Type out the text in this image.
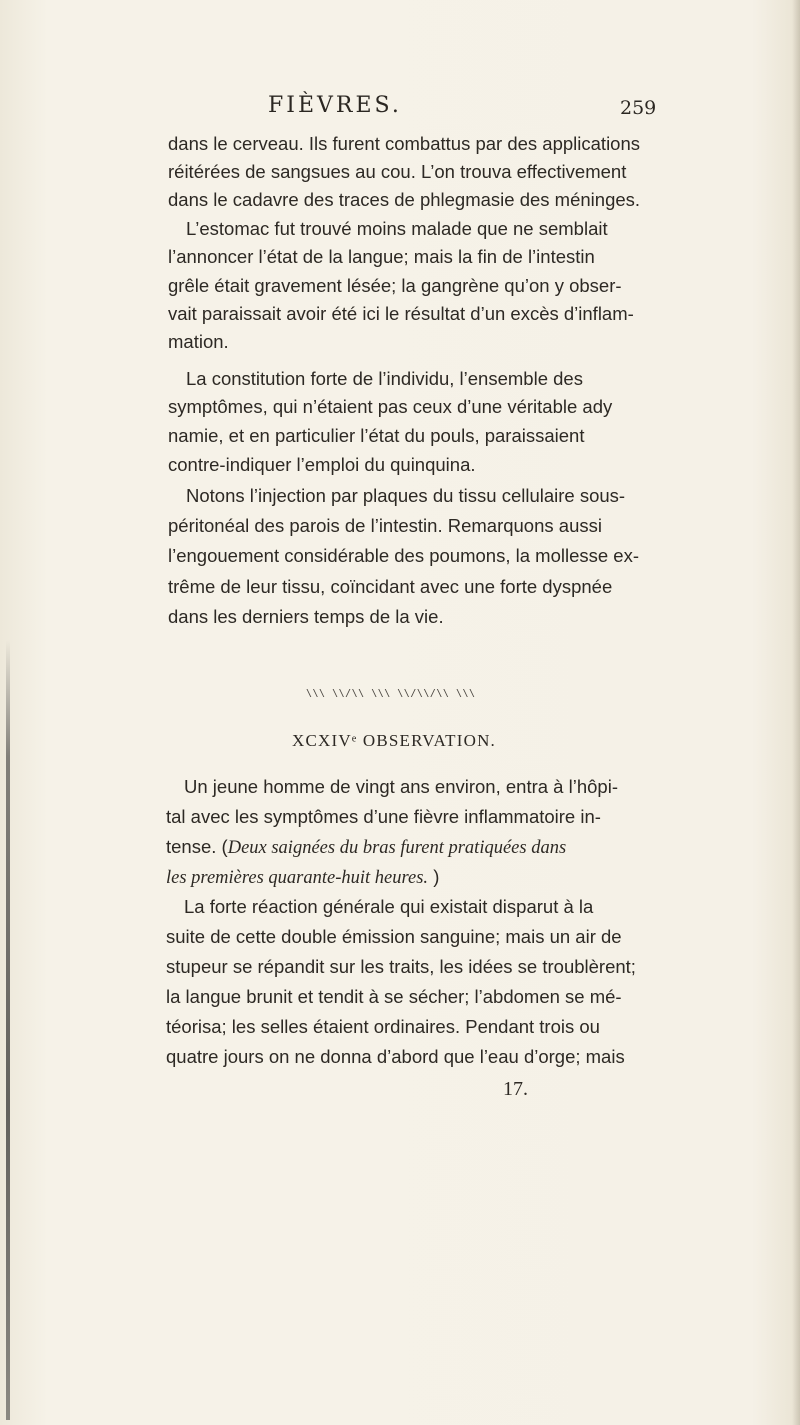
FIÈVRES.	259
dans le cerveau. Ils furent combattus par des applications
réitérées de sangsues au cou. L’on trouva effectivement
dans le cadavre des traces de phlegmasie des méninges.
L’estomac fut trouvé moins malade que ne semblait
l’annoncer l’état de la langue; mais la fin de l’intestin
grêle était gravement lésée; la gangrène qu’on y obser-
vait paraissait avoir été ici le résultat d’un excès d’inflam-
mation.
La constitution forte de l’individu, l’ensemble des
symptômes, qui n’étaient pas ceux d’une véritable ady
namie, et en particulier l’état du pouls, paraissaient
contre-indiquer l’emploi du quinquina.
Notons l’injection par plaques du tissu cellulaire sous-
péritonéal des parois de l’intestin. Remarquons aussi
l’engouement considérable des poumons, la mollesse ex-
trême de leur tissu, coïncidant avec une forte dyspnée
dans les derniers temps de la vie.
\\\ \\/\\ \\\ \\/\\/\\ \\\
XCXIVᵉ OBSERVATION.
Un jeune homme de vingt ans environ, entra à l’hôpi-
tal avec les symptômes d’une fièvre inflammatoire in-
tense. (Deux saignées du bras furent pratiquées dans
les premières quarante-huit heures. )
La forte réaction générale qui existait disparut à la
suite de cette double émission sanguine; mais un air de
stupeur se répandit sur les traits, les idées se troublèrent;
la langue brunit et tendit à se sécher; l’abdomen se mé-
téorisa; les selles étaient ordinaires. Pendant trois ou
quatre jours on ne donna d’abord que l’eau d’orge; mais
17.
